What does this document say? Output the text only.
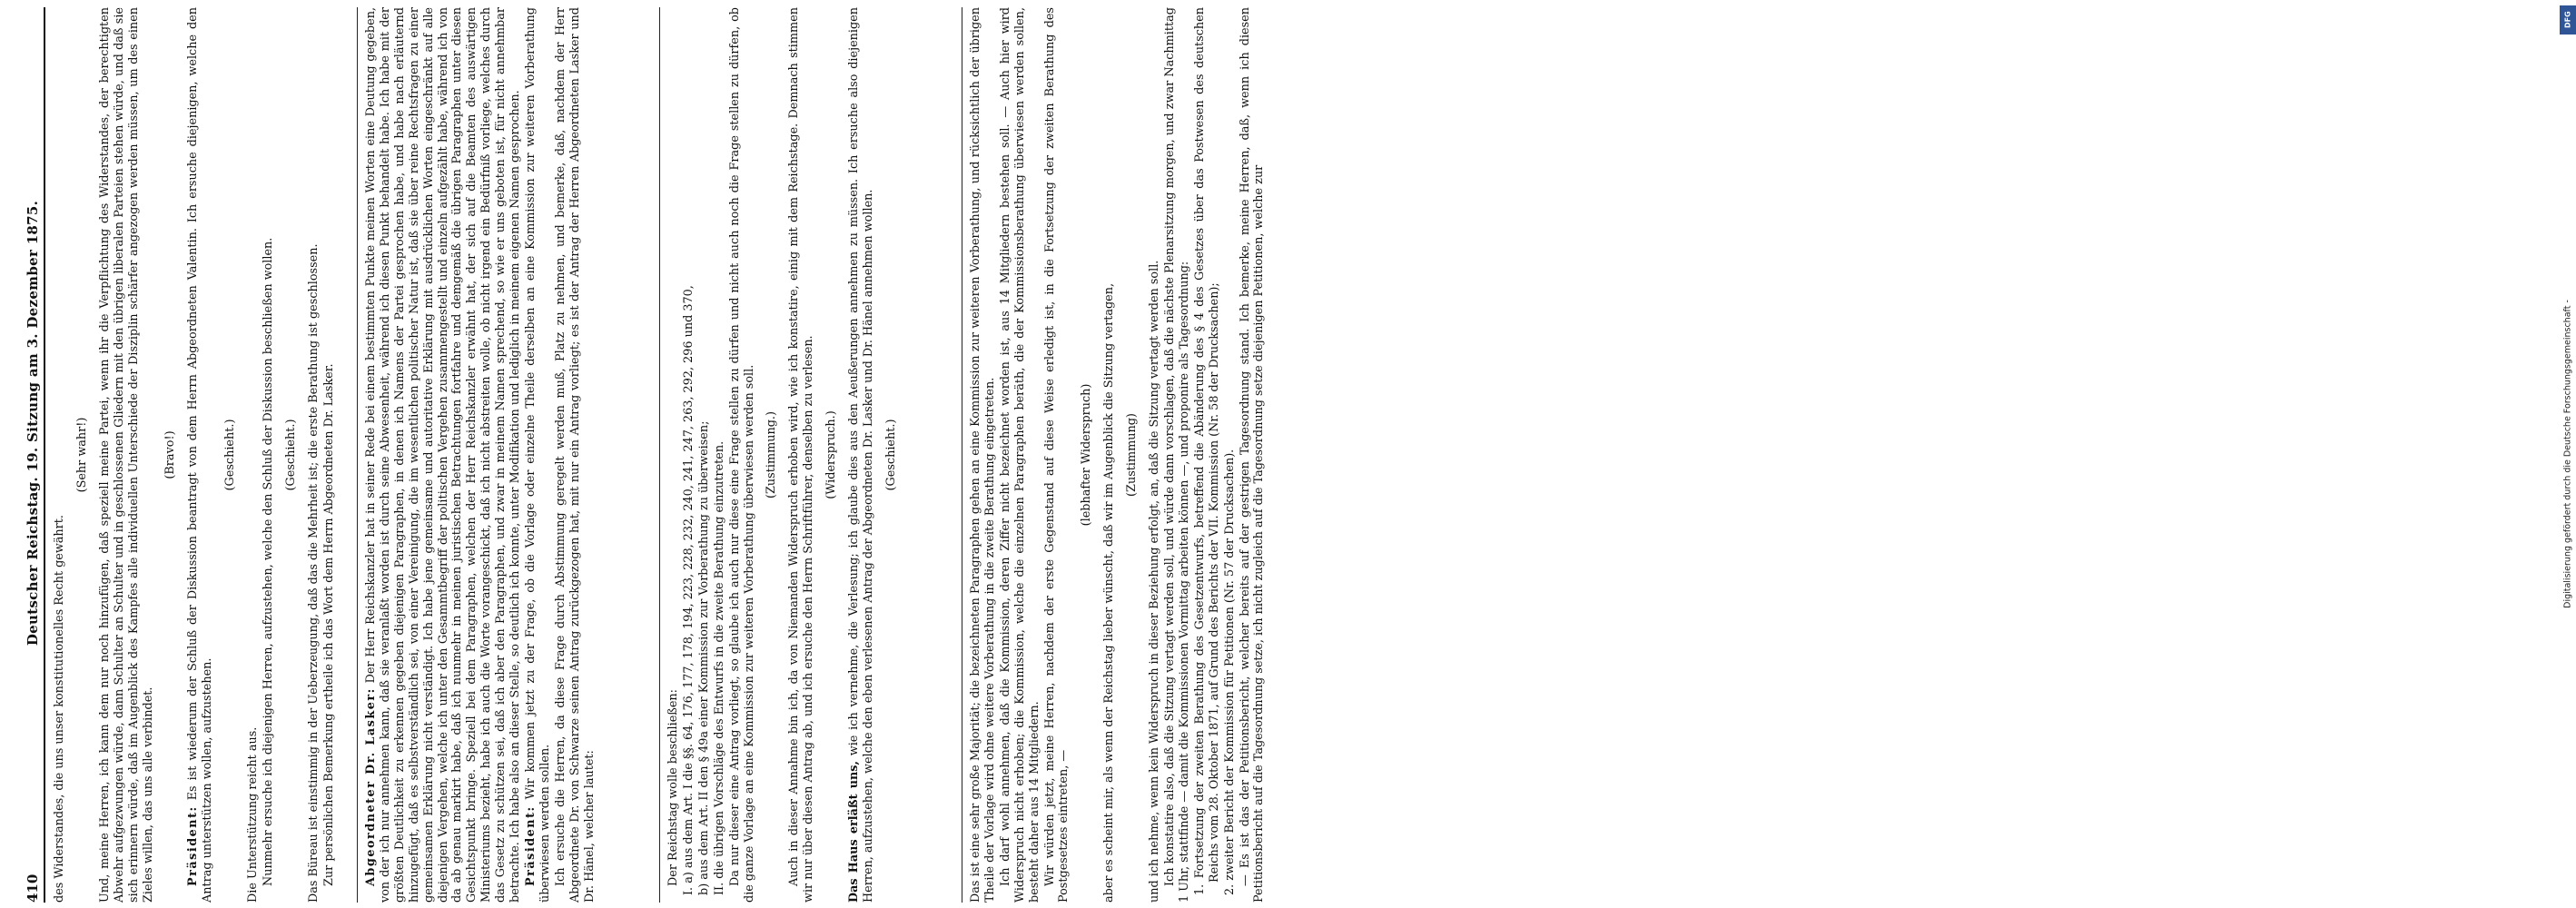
410
Deutscher Reichstag. 19. Sitzung am 3. Dezember 1875.

des Widerstandes, die uns unser konstitutionelles Recht gewährt.

(Sehr wahr!) Und, meine Herren, ich kann dem nur noch hinzufügen, daß speziell meine Partei, wenn ihr die Verpflichtung des Widerstandes, der berechtigten Abwehr aufgezwungen würde, dann Schulter an Schulter und in geschlossenen Gliedern mit den übrigen liberalen Parteien stehen würde, und daß sie sich erinnern würde, daß im Augenblick des Kampfes alle individuellen Unterschiede der Disziplin schärfer angezogen werden müssen, um des einen Zieles willen, das uns alle verbindet.

(Bravo!)

Präsident: Es ist wiederum der Schluß der Diskussion beantragt von dem Herrn Abgeordneten Valentin. Ich ersuche diejenigen, welche den Antrag unterstützen wollen, aufzustehen.

(Geschieht.)

Die Unterstützung reicht aus. Nunmehr ersuche ich diejenigen Herren, aufzustehen, welche den Schluß der Diskussion beschließen wollen. (Geschieht.) Das Büreau ist einstimmig in der Ueberzeugung, daß das die Mehrheit ist; die erste Berathung ist geschlossen. Zur persönlichen Bemerkung ertheile ich das Wort dem Herrn Abgeordneten Dr. Lasker. Abgeordneter Dr. Lasker: Der Herr Reichskanzler hat in seiner Rede bei einem bestimmten Punkte meinen Worten eine Deutung gegeben, von der ich nur annehmen kann, daß sie veranlaßt worden ist durch seine Abwesenheit, während ich diesen Punkt behandelt habe. Ich habe mit der größten Deutlichkeit zu erkennen gegeben diejenigen Paragraphen, in denen ich Namens der Partei gesprochen habe, und habe nach erläuternd hinzugefügt, daß es selbstverständlich sei, von einer Vereinigung, die im wesentlichen politischer Natur ist, daß sie über reine Rechtsfragen zu einer gemeinsamen Erklärung nicht verständigt. Ich habe jene gemeinsame und autoritative Erklärung mit ausdrücklichen Worten eingeschränkt auf alle diejenigen Vergehen, welche ich unter den Gesammtbegriff der politischen Vergehen zusammengestellt und einzeln aufgezählt habe, während ich von da ab genau markirt habe, daß ich nunmehr in meinen juristischen Betrachtungen fortfahre und demgemäß die übrigen Paragraphen unter diesen Gesichtspunkt bringe. Speziell bei dem Paragraphen, welchen der Herr Reichskanzler erwähnt hat, der sich auf die Beamten des auswärtigen Ministeriums bezieht, habe ich auch die Worte vorangeschickt, daß ich nicht abstreiten wolle, ob nicht irgend ein Bedürfniß vorliege, welches durch das Gesetz zu schützen sei, daß ich aber den Paragraphen, und zwar in meinem Namen sprechend, so wie er uns geboten ist, für nicht annehmbar betrachte. Ich habe also an dieser Stelle, so deutlich ich konnte, unter Modifikation und lediglich in meinem eigenen Namen gesprochen. Präsident: Wir kommen jetzt zu der Frage, ob die Vorlage oder einzelne Theile derselben an eine Kommission zur weiteren Vorberathung überwiesen werden sollen. Ich ersuche die Herren, da diese Frage durch Abstimmung geregelt werden muß, Platz zu nehmen, und bemerke, daß, nachdem der Herr Abgeordnete Dr. von Schwarze seinen Antrag zurückgezogen hat, mit nur ein Antrag vorliegt; es ist der Antrag der Herren Abgeordneten Lasker und Dr. Hänel, welcher lautet:	Der Reichstag wolle beschließen: I. a) aus dem Art. I die §§. 64, 176, 177, 178, 194, 223, 228, 232, 240, 241, 247, 263, 292, 296 und 370, b) aus dem Art. II den § 49a einer Kommission zur Vorberathung zu überweisen; II. die übrigen Vorschläge des Entwurfs in die zweite Berathung einzutreten. Da nur dieser eine Antrag vorliegt, so glaube ich auch nur diese eine Frage stellen zu dürfen und nicht auch noch die Frage stellen zu dürfen, ob die ganze Vorlage an eine Kommission zur weiteren Vorberathung überwiesen werden soll. (Zustimmung.) Auch in dieser Annahme bin ich, da von Niemanden Widerspruch erhoben wird, wie ich konstatire, einig mit dem Reichstage. Demnach stimmen wir nur über diesen Antrag ab, und ich ersuche den Herrn Schriftführer, denselben zu verlesen. (Widerspruch.)

Das Haus erläßt uns, wie ich vernehme, die Verlesung; ich glaube dies aus den Aeußerungen annehmen zu müssen. Ich ersuche also diejenigen Herren, aufzustehen, welche den eben verlesenen Antrag der Abgeordneten Dr. Lasker und Dr. Hänel annehmen wollen. (Geschieht.)	Das ist eine sehr große Majorität; die bezeichneten Paragraphen gehen an eine Kommission zur weiteren Vorberathung, und rücksichtlich der übrigen Theile der Vorlage wird ohne weitere Vorberathung in die zweite Berathung eingetreten. Ich darf wohl annehmen, daß die Kommission, deren Ziffer nicht bezeichnet worden ist, aus 14 Mitgliedern bestehen soll. — Auch hier wird Widerspruch nicht erhoben; die Kommission, welche die einzelnen Paragraphen beräth, die der Kommissionsberathung überwiesen werden sollen, besteht daher aus 14 Mitgliedern. Wir würden jetzt, meine Herren, nachdem der erste Gegenstand auf diese Weise erledigt ist, in die Fortsetzung der zweiten Berathung des Postgesetzes eintreten, —

(lebhafter Widerspruch) aber es scheint mir, als wenn der Reichstag lieber wünscht, daß wir im Augenblick die Sitzung vertagen, (Zustimmung) und ich nehme, wenn kein Widerspruch in dieser Beziehung erfolgt, an, daß die Sitzung vertagt werden soll. Ich konstatire also, daß die Sitzung vertagt werden soll, und würde dann vorschlagen, daß die nächste Plenarsitzung morgen, und zwar Nachmittag 1 Uhr, stattfinde — damit die Kommissionen Vormittag arbeiten können —, und proponire als Tagesordnung: 1. Fortsetzung der zweiten Berathung des Gesetzentwurfs, betreffend die Abänderung des § 4 des Gesetzes über das Postwesen des deutschen Reichs vom 28. Oktober 1871, auf Grund des Berichts der VII. Kommission (Nr. 58 der Drucksachen); 2. zweiter Bericht der Kommission für Petitionen (Nr. 57 der Drucksachen). — Es ist das der Petitionsbericht, welcher bereits auf der gestrigen Tagesordnung stand. Ich bemerke, meine Herren, daß, wenn ich diesen Petitionsbericht auf die Tagesordnung setze, ich nicht zugleich auf die Tagesordnung setze diejenigen Petitionen, welche zur

DFG
Digitalisierung gefördert durch die Deutsche Forschungsgemeinschaft -
